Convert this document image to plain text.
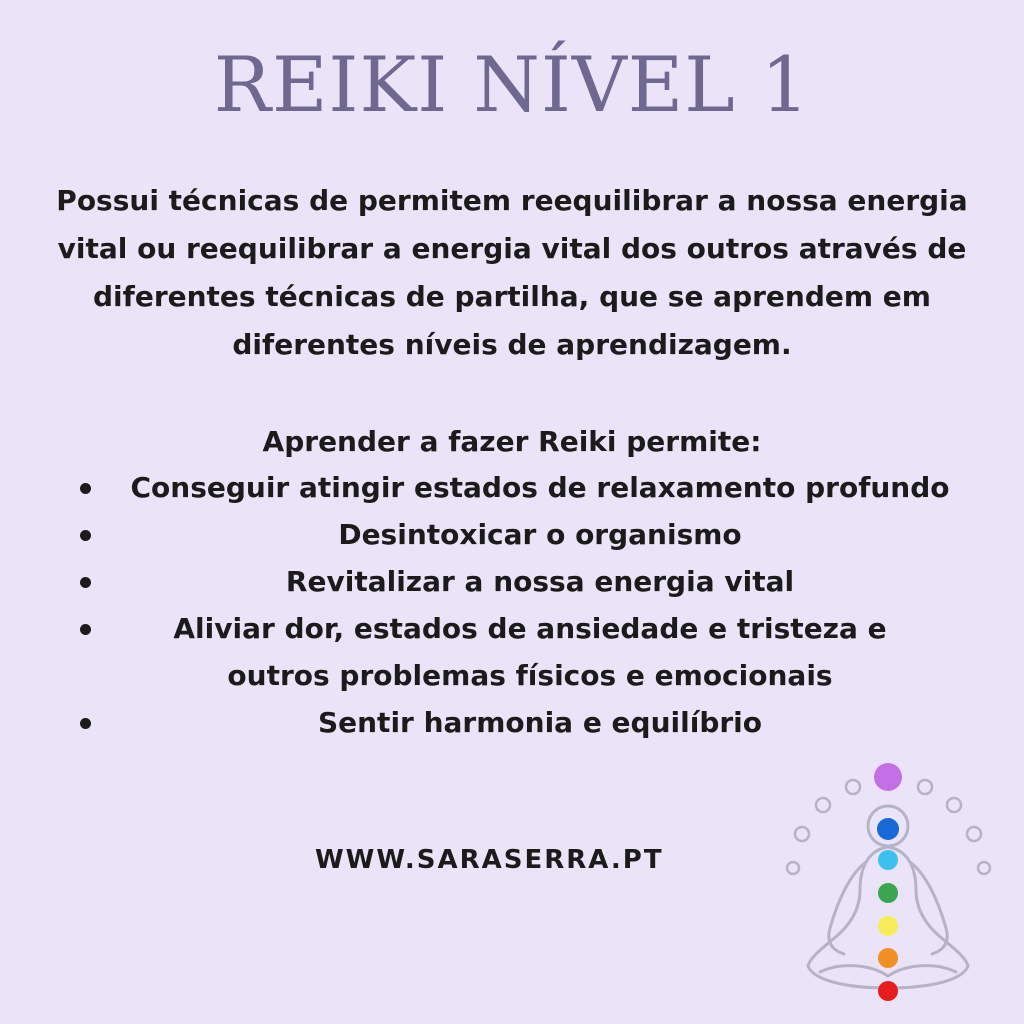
REIKI NÍVEL 1

Possui técnicas de permitem reequilibrar a nossa energia vital ou reequilibrar a energia vital dos outros através de diferentes técnicas de partilha, que se aprendem em diferentes níveis de aprendizagem.

Aprender a fazer Reiki permite:
Conseguir atingir estados de relaxamento profundo
Desintoxicar o organismo
Revitalizar a nossa energia vital
Aliviar dor, estados de ansiedade e tristeza e outros problemas físicos e emocionais
Sentir harmonia e equilíbrio
WWW.SARASERRA.PT
